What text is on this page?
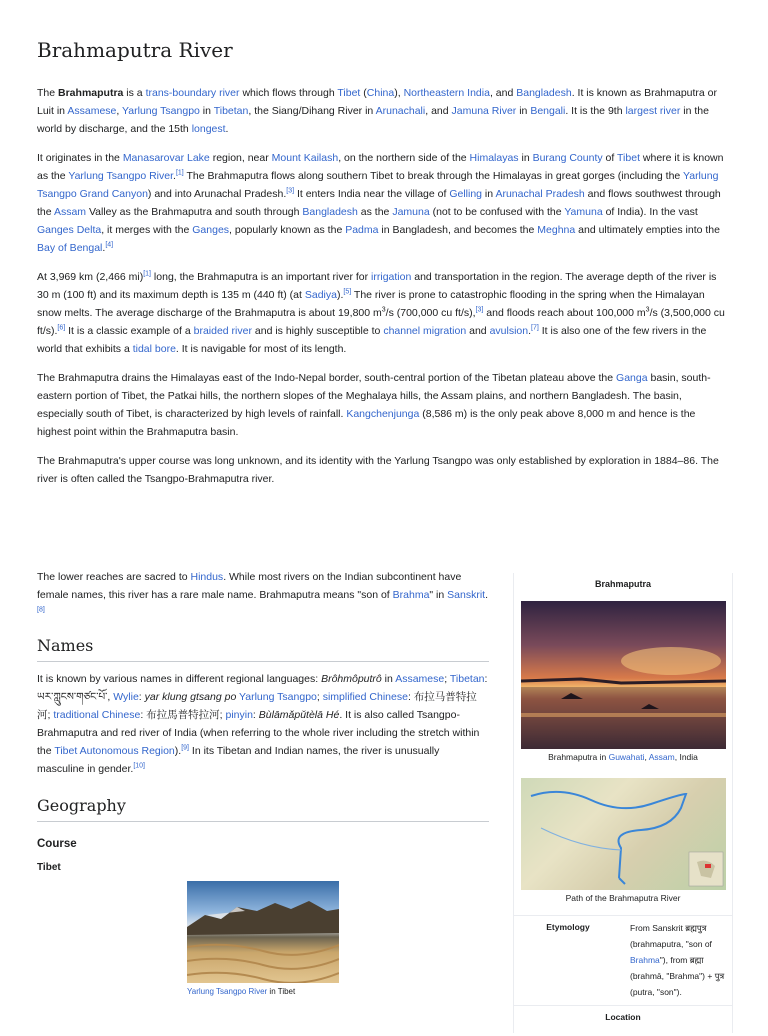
Brahmaputra River

The Brahmaputra is a trans-boundary river which flows through Tibet (China), Northeastern India, and Bangladesh. It is known as Brahmaputra or Luit in Assamese, Yarlung Tsangpo in Tibetan, the Siang/Dihang River in Arunachali, and Jamuna River in Bengali. It is the 9th largest river in the world by discharge, and the 15th longest.

It originates in the Manasarovar Lake region, near Mount Kailash, on the northern side of the Himalayas in Burang County of Tibet where it is known as the Yarlung Tsangpo River.[1] The Brahmaputra flows along southern Tibet to break through the Himalayas in great gorges (including the Yarlung Tsangpo Grand Canyon) and into Arunachal Pradesh.[3] It enters India near the village of Gelling in Arunachal Pradesh and flows southwest through the Assam Valley as the Brahmaputra and south through Bangladesh as the Jamuna (not to be confused with the Yamuna of India). In the vast Ganges Delta, it merges with the Ganges, popularly known as the Padma in Bangladesh, and becomes the Meghna and ultimately empties into the Bay of Bengal.[4]

At 3,969 km (2,466 mi)[1] long, the Brahmaputra is an important river for irrigation and transportation in the region. The average depth of the river is 30 m (100 ft) and its maximum depth is 135 m (440 ft) (at Sadiya).[5] The river is prone to catastrophic flooding in the spring when the Himalayan snow melts. The average discharge of the Brahmaputra is about 19,800 $m^3/s$ (700,000 cu ft/s),[3] and floods reach about 100,000 $m^3/s$ (3,500,000 cu ft/s).[6] It is a classic example of a braided river and is highly susceptible to channel migration and avulsion.[7] It is also one of the few rivers in the world that exhibits a tidal bore. It is navigable for most of its length.

The Brahmaputra drains the Himalayas east of the Indo-Nepal border, south-central portion of the Tibetan plateau above the Ganga basin, south-eastern portion of Tibet, the Patkai hills, the northern slopes of the Meghalaya hills, the Assam plains, and northern Bangladesh. The basin, especially south of Tibet, is characterized by high levels of rainfall. Kangchenjunga (8,586 m) is the only peak above 8,000 m and hence is the highest point within the Brahmaputra basin.

The Brahmaputra's upper course was long unknown, and its identity with the Yarlung Tsangpo was only established by exploration in 1884–86. The river is often called the Tsangpo-Brahmaputra river.

The lower reaches are sacred to Hindus. While most rivers on the Indian subcontinent have female names, this river has a rare male name. Brahmaputra means "son of Brahma" in Sanskrit.[8]

Names

It is known by various names in different regional languages: Brôhmôputrô in Assamese; Tibetan: ཡར་ཀླུངས་གཙང་པོ་, Wylie: yar klung gtsang po Yarlung Tsangpo; simplified Chinese: 布拉马普特拉河; traditional Chinese: 布拉馬普特拉河; pinyin: Bùlāmǎpǔtèlā Hé. It is also called Tsangpo-Brahmaputra and red river of India (when referring to the whole river including the stretch within the Tibet Autonomous Region).[9] In its Tibetan and Indian names, the river is unusually masculine in gender.[10]

Geography
Course
Tibet
Yarlung Tsangpo River in Tibet
Brahmaputra
Brahmaputra in Guwahati, Assam, India
Path of the Brahmaputra River
Etymology	From Sanskrit ब्रह्मपुत्र (brahmaputra, "son of Brahma"), from ब्रह्मा (brahmā, "Brahma") + पुत्र (putra, "son").
Location
